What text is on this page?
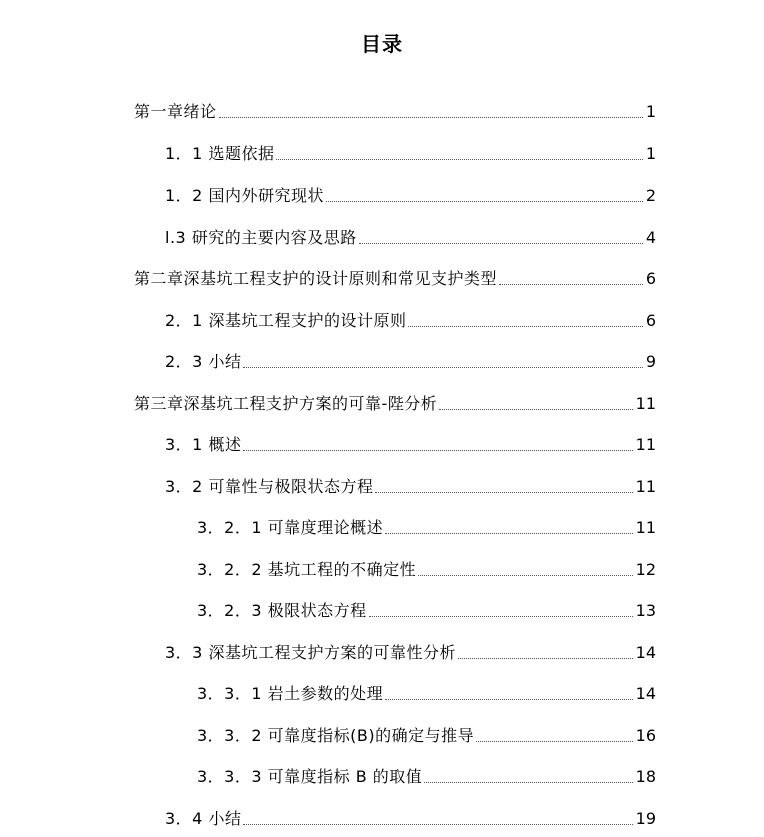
目录
第一章绪论	1
1．1 选题依据	1
1．2 国内外研究现状	2
l.3 研究的主要内容及思路	4
第二章深基坑工程支护的设计原则和常见支护类型	6
2．1 深基坑工程支护的设计原则	6
2．3 小结	9
第三章深基坑工程支护方案的可靠-陛分析	11
3．1 概述	11
3．2 可靠性与极限状态方程	11
3．2．1 可靠度理论概述	11
3．2．2 基坑工程的不确定性	12
3．2．3 极限状态方程	13
3．3 深基坑工程支护方案的可靠性分析	14
3．3．1 岩土参数的处理	14
3．3．2 可靠度指标(B)的确定与推导	16
3．3．3 可靠度指标 B 的取值	18
3．4 小结	19
